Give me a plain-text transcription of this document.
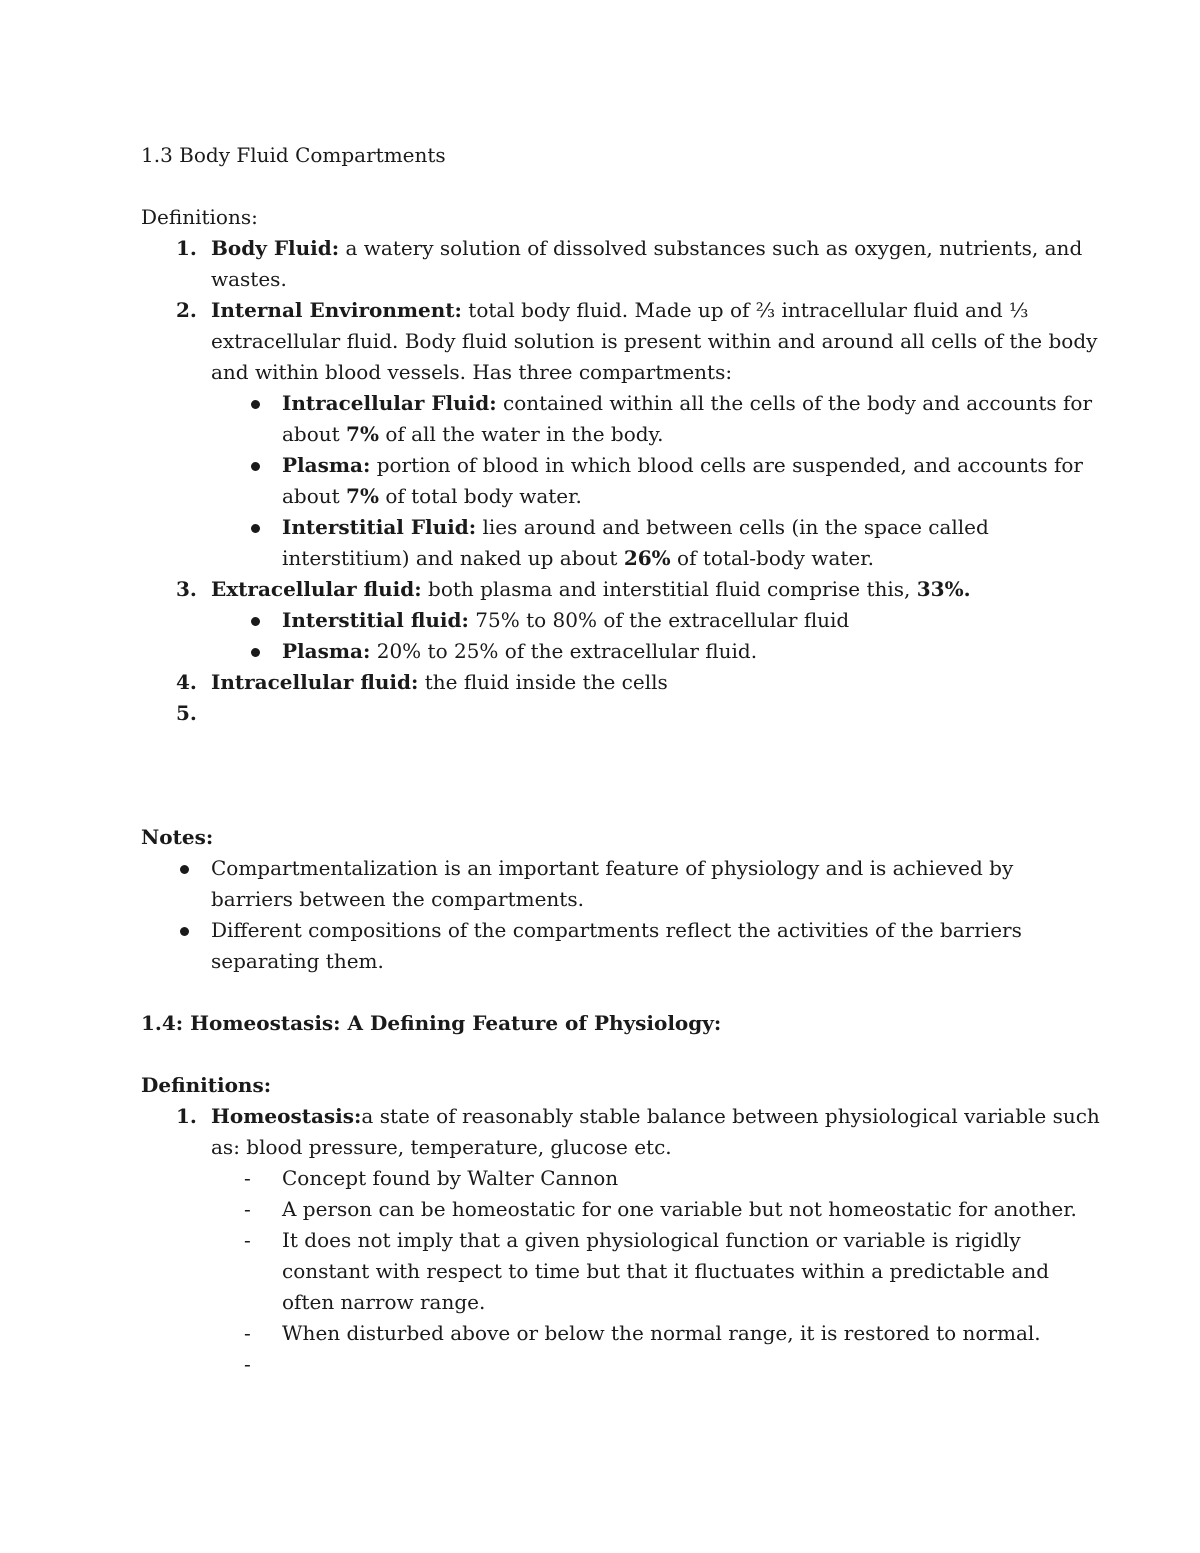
1.3 Body Fluid Compartments
Definitions:
1. Body Fluid: a watery solution of dissolved substances such as oxygen, nutrients, and wastes.
2. Internal Environment: total body fluid. Made up of ⅔ intracellular fluid and ⅓ extracellular fluid. Body fluid solution is present within and around all cells of the body and within blood vessels. Has three compartments:
Intracellular Fluid: contained within all the cells of the body and accounts for about 7% of all the water in the body.
Plasma: portion of blood in which blood cells are suspended, and accounts for about 7% of total body water.
Interstitial Fluid: lies around and between cells (in the space called interstitium) and naked up about 26% of total-body water.
3. Extracellular fluid: both plasma and interstitial fluid comprise this, 33%.
Interstitial fluid: 75% to 80% of the extracellular fluid
Plasma: 20% to 25% of the extracellular fluid.
4. Intracellular fluid: the fluid inside the cells
5.

Notes:
Compartmentalization is an important feature of physiology and is achieved by barriers between the compartments.
Different compositions of the compartments reflect the activities of the barriers separating them.
1.4: Homeostasis: A Defining Feature of Physiology:
Definitions:
1. Homeostasis:a state of reasonably stable balance between physiological variable such as: blood pressure, temperature, glucose etc.
- Concept found by Walter Cannon
- A person can be homeostatic for one variable but not homeostatic for another.
- It does not imply that a given physiological function or variable is rigidly constant with respect to time but that it fluctuates within a predictable and often narrow range.
- When disturbed above or below the normal range, it is restored to normal.
-
